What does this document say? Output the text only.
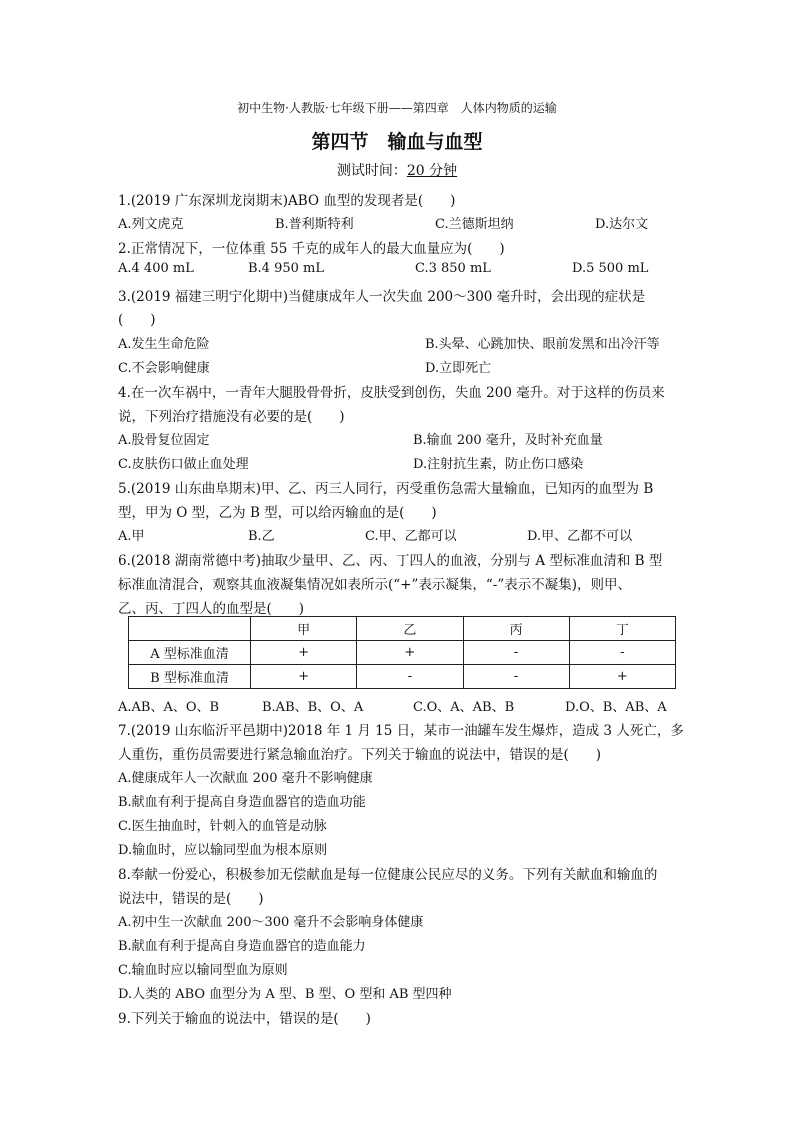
初中生物·人教版·七年级下册——第四章　人体内物质的运输
第四节　输血与血型
测试时间：20 分钟
1.(2019 广东深圳龙岗期末)ABO 血型的发现者是(　　)
A.列文虎克	B.普利斯特利	C.兰德斯坦纳	D.达尔文
2.正常情况下，一位体重 55 千克的成年人的最大血量应为(　　)
A.4 400 mL	B.4 950 mL	C.3 850 mL	D.5 500 mL
3.(2019 福建三明宁化期中)当健康成年人一次失血 200～300 毫升时，会出现的症状是
(　　)
A.发生生命危险	B.头晕、心跳加快、眼前发黑和出冷汗等
C.不会影响健康	D.立即死亡
4.在一次车祸中，一青年大腿股骨骨折，皮肤受到创伤，失血 200 毫升。对于这样的伤员来
说，下列治疗措施没有必要的是(　　)
A.股骨复位固定	B.输血 200 毫升，及时补充血量
C.皮肤伤口做止血处理	D.注射抗生素，防止伤口感染
5.(2019 山东曲阜期末)甲、乙、丙三人同行，丙受重伤急需大量输血，已知丙的血型为 B
型，甲为 O 型，乙为 B 型，可以给丙输血的是(　　)
A.甲	B.乙	C.甲、乙都可以	D.甲、乙都不可以
6.(2018 湖南常德中考)抽取少量甲、乙、丙、丁四人的血液，分别与 A 型标准血清和 B 型
标准血清混合，观察其血液凝集情况如表所示(“+”表示凝集，“-”表示不凝集)，则甲、
乙、丙、丁四人的血型是(　　)
	甲	乙	丙	丁
A 型标准血清	+	+	-	-
B 型标准血清	+	-	-	+
A.AB、A、O、B	B.AB、B、O、A	C.O、A、AB、B	D.O、B、AB、A
7.(2019 山东临沂平邑期中)2018 年 1 月 15 日，某市一油罐车发生爆炸，造成 3 人死亡，多
人重伤，重伤员需要进行紧急输血治疗。下列关于输血的说法中，错误的是(　　)
A.健康成年人一次献血 200 毫升不影响健康
B.献血有利于提高自身造血器官的造血功能
C.医生抽血时，针刺入的血管是动脉
D.输血时，应以输同型血为根本原则
8.奉献一份爱心，积极参加无偿献血是每一位健康公民应尽的义务。下列有关献血和输血的
说法中，错误的是(　　)
A.初中生一次献血 200～300 毫升不会影响身体健康
B.献血有利于提高自身造血器官的造血能力
C.输血时应以输同型血为原则
D.人类的 ABO 血型分为 A 型、B 型、O 型和 AB 型四种
9.下列关于输血的说法中，错误的是(　　)
